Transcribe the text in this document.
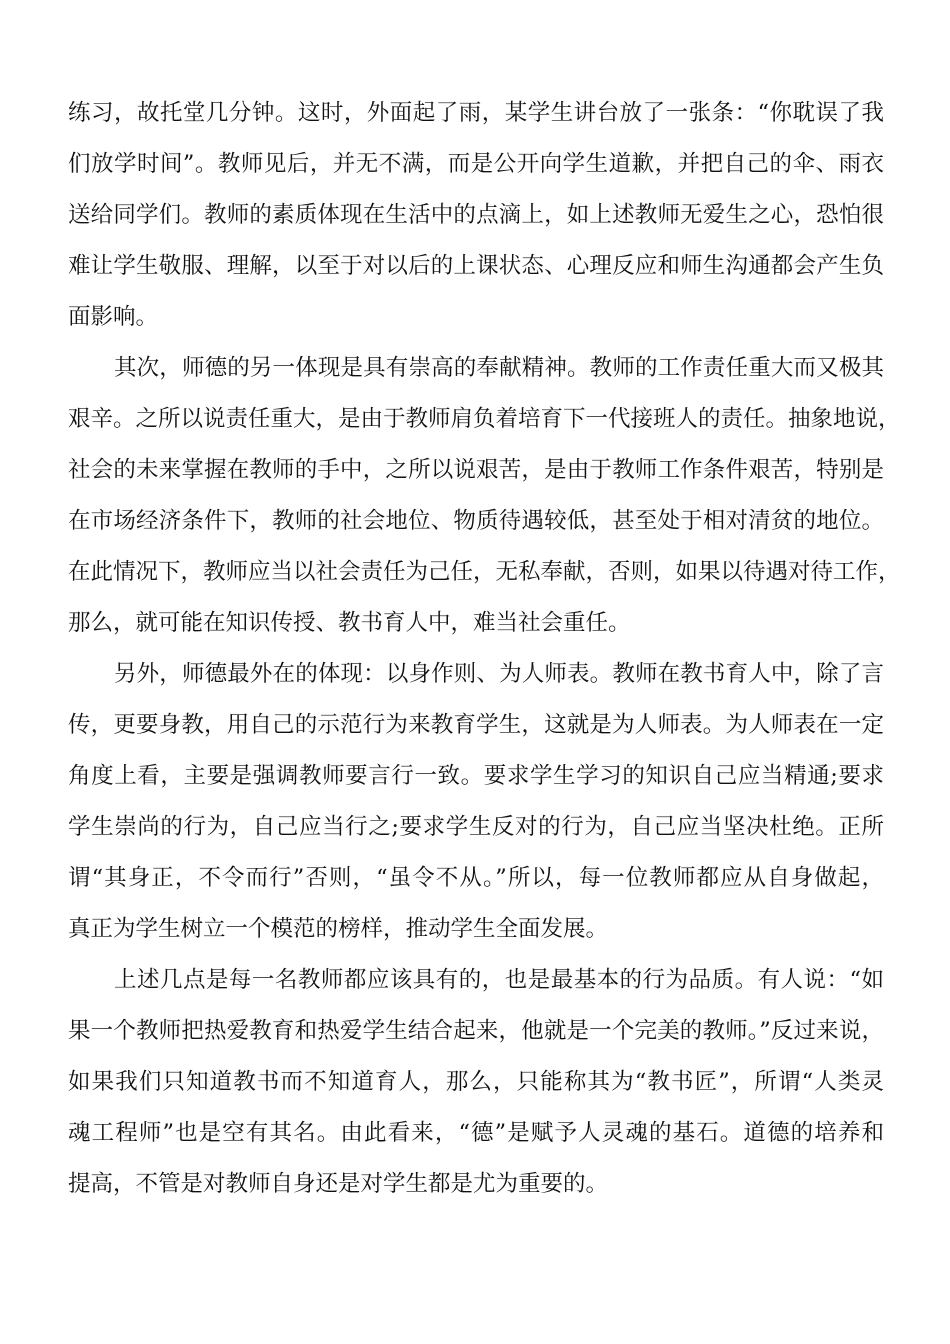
练习，故托堂几分钟。这时，外面起了雨，某学生讲台放了一张条：“你耽误了我
们放学时间”。教师见后，并无不满，而是公开向学生道歉，并把自己的伞、雨衣
送给同学们。教师的素质体现在生活中的点滴上，如上述教师无爱生之心，恐怕很
难让学生敬服、理解，以至于对以后的上课状态、心理反应和师生沟通都会产生负
面影响。
其次，师德的另一体现是具有崇高的奉献精神。教师的工作责任重大而又极其
艰辛。之所以说责任重大，是由于教师肩负着培育下一代接班人的责任。抽象地说，
社会的未来掌握在教师的手中，之所以说艰苦，是由于教师工作条件艰苦，特别是
在市场经济条件下，教师的社会地位、物质待遇较低，甚至处于相对清贫的地位。
在此情况下，教师应当以社会责任为己任，无私奉献，否则，如果以待遇对待工作，
那么，就可能在知识传授、教书育人中，难当社会重任。
另外，师德最外在的体现：以身作则、为人师表。教师在教书育人中，除了言
传，更要身教，用自己的示范行为来教育学生，这就是为人师表。为人师表在一定
角度上看，主要是强调教师要言行一致。要求学生学习的知识自己应当精通;要求
学生崇尚的行为，自己应当行之;要求学生反对的行为，自己应当坚决杜绝。正所
谓“其身正，不令而行”否则，“虽令不从。”所以，每一位教师都应从自身做起，
真正为学生树立一个模范的榜样，推动学生全面发展。
上述几点是每一名教师都应该具有的，也是最基本的行为品质。有人说：“如
果一个教师把热爱教育和热爱学生结合起来，他就是一个完美的教师。”反过来说，
如果我们只知道教书而不知道育人，那么，只能称其为“教书匠”，所谓“人类灵
魂工程师”也是空有其名。由此看来，“德”是赋予人灵魂的基石。道德的培养和
提高，不管是对教师自身还是对学生都是尤为重要的。
